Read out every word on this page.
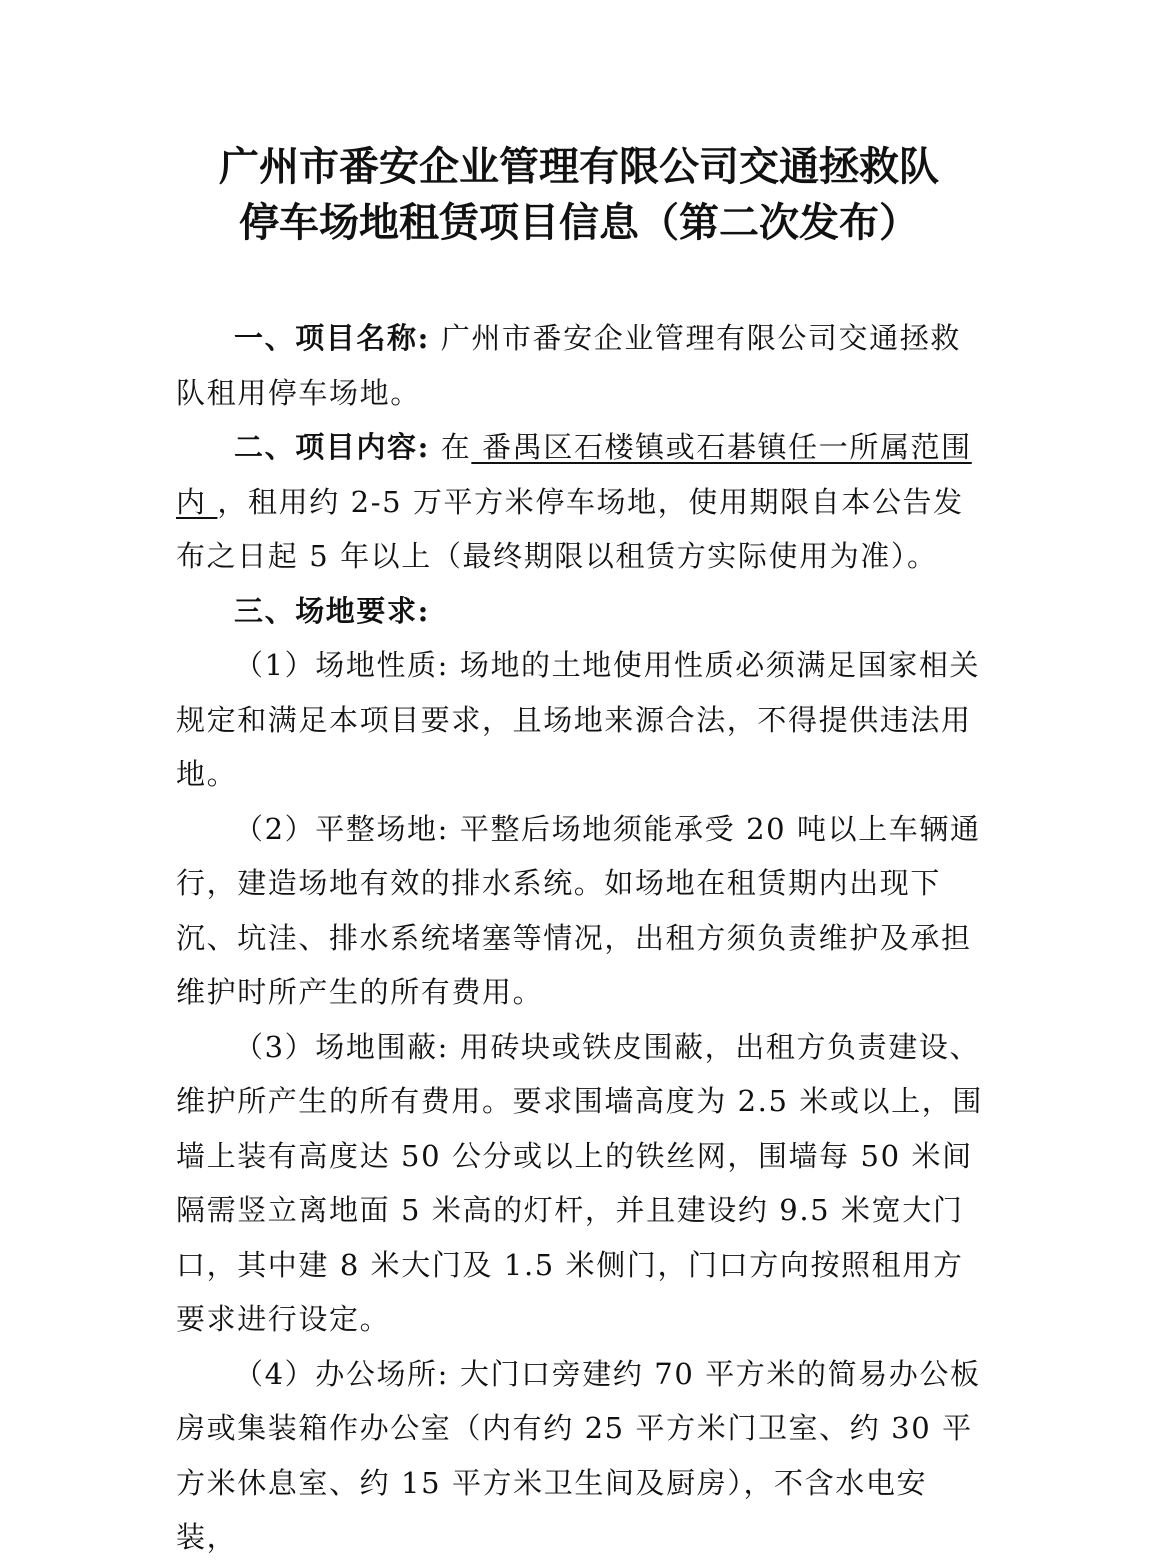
广州市番安企业管理有限公司交通拯救队
停车场地租赁项目信息（第二次发布）

一、项目名称: 广州市番安企业管理有限公司交通拯救队租用停车场地。

二、项目内容: 在 番禺区石楼镇或石碁镇任一所属范围内 ，租用约 2-5 万平方米停车场地，使用期限自本公告发布之日起 5 年以上（最终期限以租赁方实际使用为准）。

三、场地要求:

（1）场地性质: 场地的土地使用性质必须满足国家相关规定和满足本项目要求，且场地来源合法，不得提供违法用地。

（2）平整场地: 平整后场地须能承受 20 吨以上车辆通行，建造场地有效的排水系统。如场地在租赁期内出现下沉、坑洼、排水系统堵塞等情况，出租方须负责维护及承担维护时所产生的所有费用。

（3）场地围蔽: 用砖块或铁皮围蔽，出租方负责建设、维护所产生的所有费用。要求围墙高度为 2.5 米或以上，围墙上装有高度达 50 公分或以上的铁丝网，围墙每 50 米间隔需竖立离地面 5 米高的灯杆，并且建设约 9.5 米宽大门口，其中建 8 米大门及 1.5 米侧门，门口方向按照租用方要求进行设定。

（4）办公场所: 大门口旁建约 70 平方米的简易办公板房或集装箱作办公室（内有约 25 平方米门卫室、约 30 平方米休息室、约 15 平方米卫生间及厨房），不含水电安装，
